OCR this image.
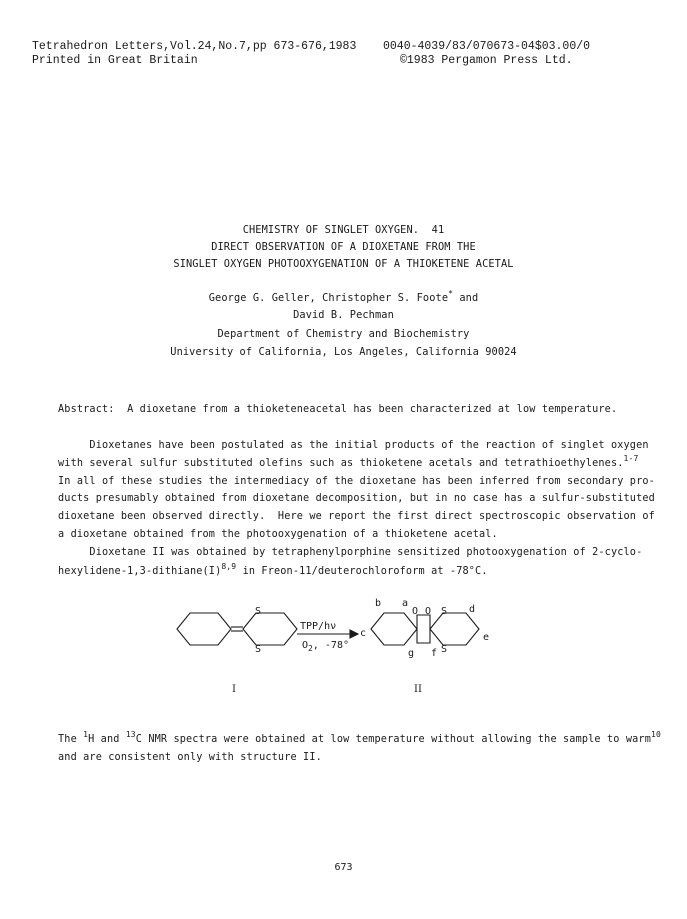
Tetrahedron Letters,Vol.24,No.7,pp 673-676,1983 0040-4039/83/070673-04$03.00/0
Printed in Great Britain	©1983 Pergamon Press Ltd.
CHEMISTRY OF SINGLET OXYGEN.  41
DIRECT OBSERVATION OF A DIOXETANE FROM THE
SINGLET OXYGEN PHOTOOXYGENATION OF A THIOKETENE ACETAL
George G. Geller, Christopher S. Foote* and
David B. Pechman
Department of Chemistry and Biochemistry
University of California, Los Angeles, California 90024
Abstract:  A dioxetane from a thioketeneacetal has been characterized at low temperature.
Dioxetanes have been postulated as the initial products of the reaction of singlet oxygen
with several sulfur substituted olefins such as thioketene acetals and tetrathioethylenes.$^{1-7}$
In all of these studies the intermediacy of the dioxetane has been inferred from secondary pro-
ducts presumably obtained from dioxetane decomposition, but in no case has a sulfur-substituted
dioxetane been observed directly.  Here we report the first direct spectroscopic observation of
a dioxetane obtained from the photooxygenation of a thioketene acetal.
Dioxetane II was obtained by tetraphenylporphine sensitized photooxygenation of 2-cyclo-
hexylidene-$1,3-dithiane(I)^{8,9}$ in Freon-11/deuterochloroform at -78°C.
S
S
TPP/hν
$O_2$, -78°
O O S
S
a
b
c
d
e
f
g
I	II
The $^1$H and $^{13}$C NMR spectra were obtained at low temperature without allowing the sample to warm$^{10}$
and are consistent only with structure II.
673
